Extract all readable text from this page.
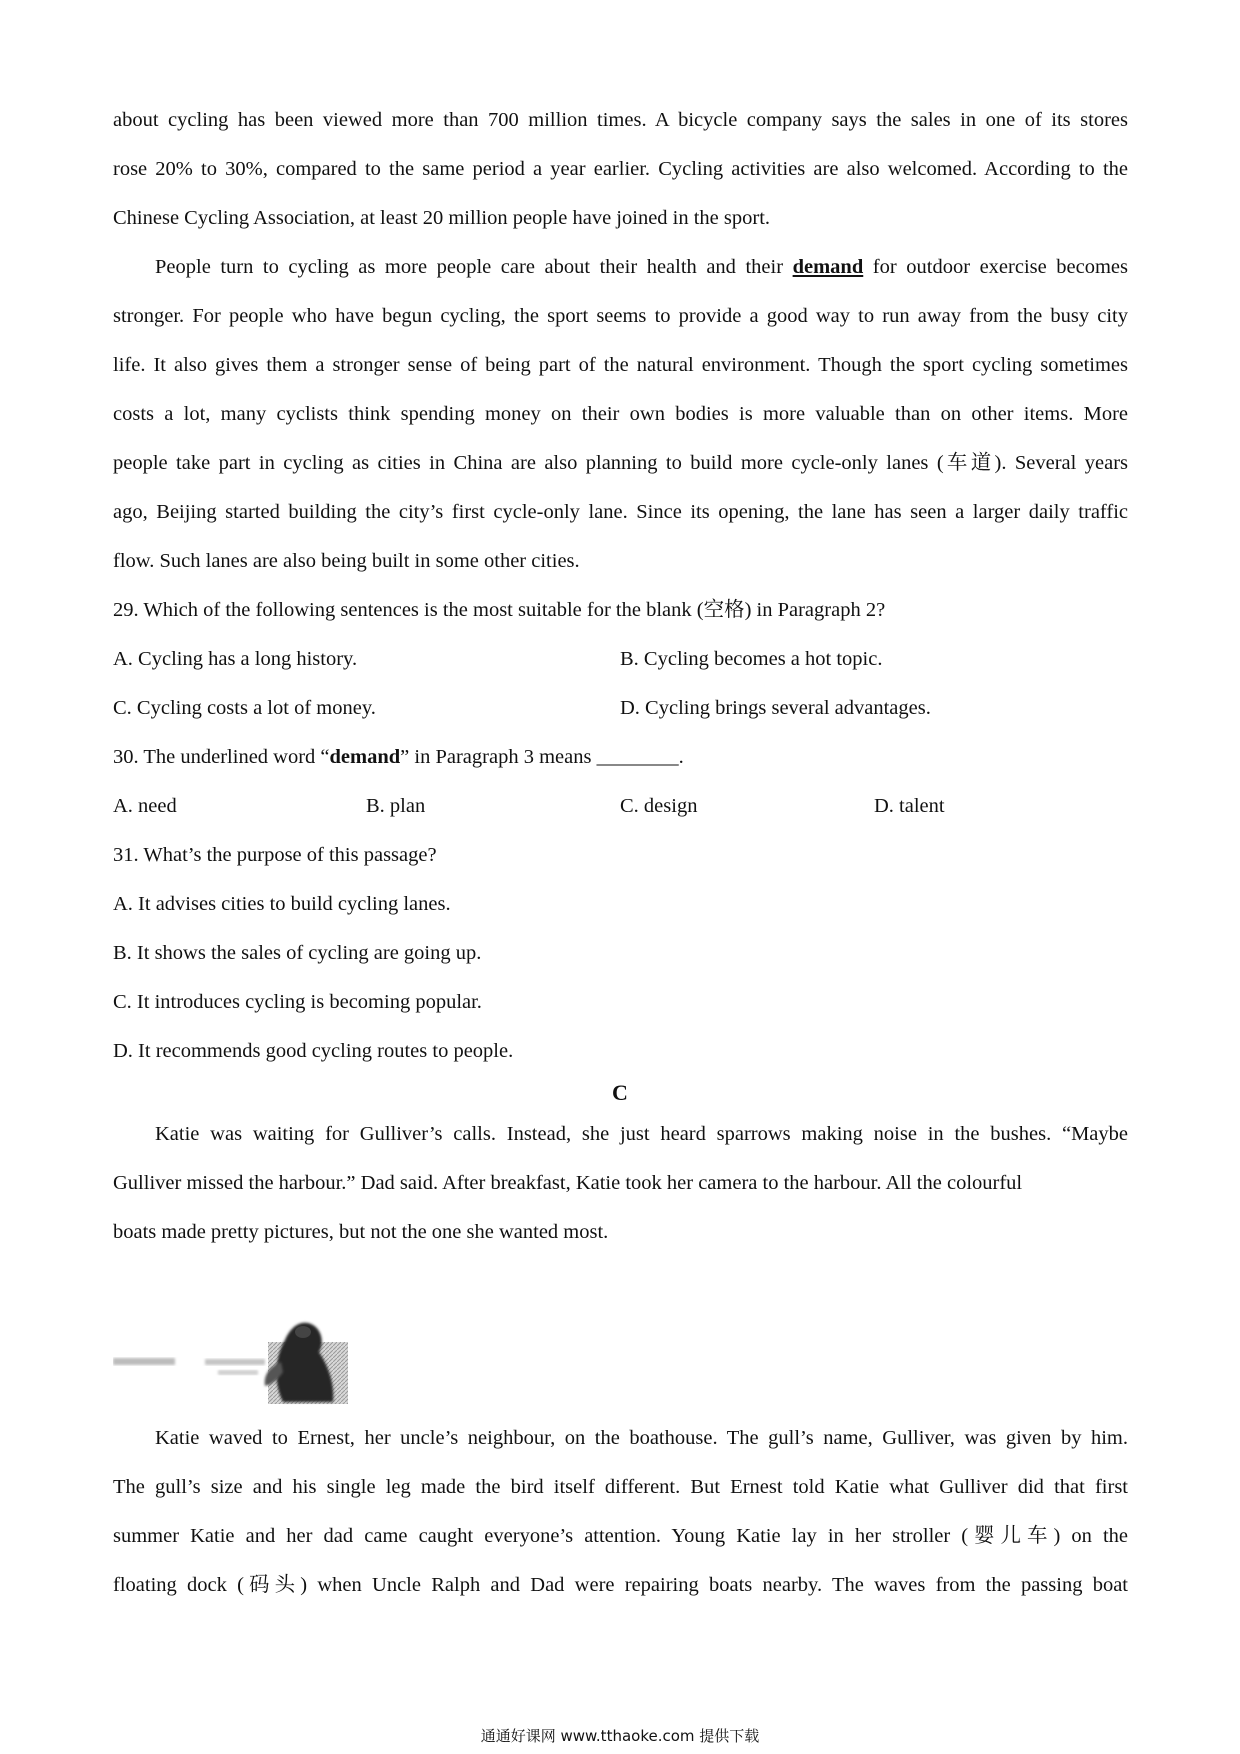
about cycling has been viewed more than 700 million times. A bicycle company says the sales in one of its stores
rose 20% to 30%, compared to the same period a year earlier. Cycling activities are also welcomed. According to the
Chinese Cycling Association, at least 20 million people have joined in the sport.
People turn to cycling as more people care about their health and their demand for outdoor exercise becomes
stronger. For people who have begun cycling, the sport seems to provide a good way to run away from the busy city
life. It also gives them a stronger sense of being part of the natural environment. Though the sport cycling sometimes
costs a lot, many cyclists think spending money on their own bodies is more valuable than on other items. More
people take part in cycling as cities in China are also planning to build more cycle-only lanes (车道). Several years
ago, Beijing started building the city’s first cycle-only lane. Since its opening, the lane has seen a larger daily traffic
flow. Such lanes are also being built in some other cities.
29. Which of the following sentences is the most suitable for the blank (空格) in Paragraph 2?
A. Cycling has a long history.	B. Cycling becomes a hot topic.
C. Cycling costs a lot of money.	D. Cycling brings several advantages.
30. The underlined word “demand” in Paragraph 3 means ________.
A. need	B. plan	C. design	D. talent
31. What’s the purpose of this passage?
A. It advises cities to build cycling lanes.
B. It shows the sales of cycling are going up.
C. It introduces cycling is becoming popular.
D. It recommends good cycling routes to people.
C
Katie was waiting for Gulliver’s calls. Instead, she just heard sparrows making noise in the bushes. “Maybe
Gulliver missed the harbour.” Dad said. After breakfast, Katie took her camera to the harbour. All the colourful
boats made pretty pictures, but not the one she wanted most.
Katie waved to Ernest, her uncle’s neighbour, on the boathouse. The gull’s name, Gulliver, was given by him.
The gull’s size and his single leg made the bird itself different. But Ernest told Katie what Gulliver did that first
summer Katie and her dad came caught everyone’s attention. Young Katie lay in her stroller (婴儿车) on the
floating dock (码头) when Uncle Ralph and Dad were repairing boats nearby. The waves from the passing boat
通通好课网 www.tthaoke.com 提供下载
